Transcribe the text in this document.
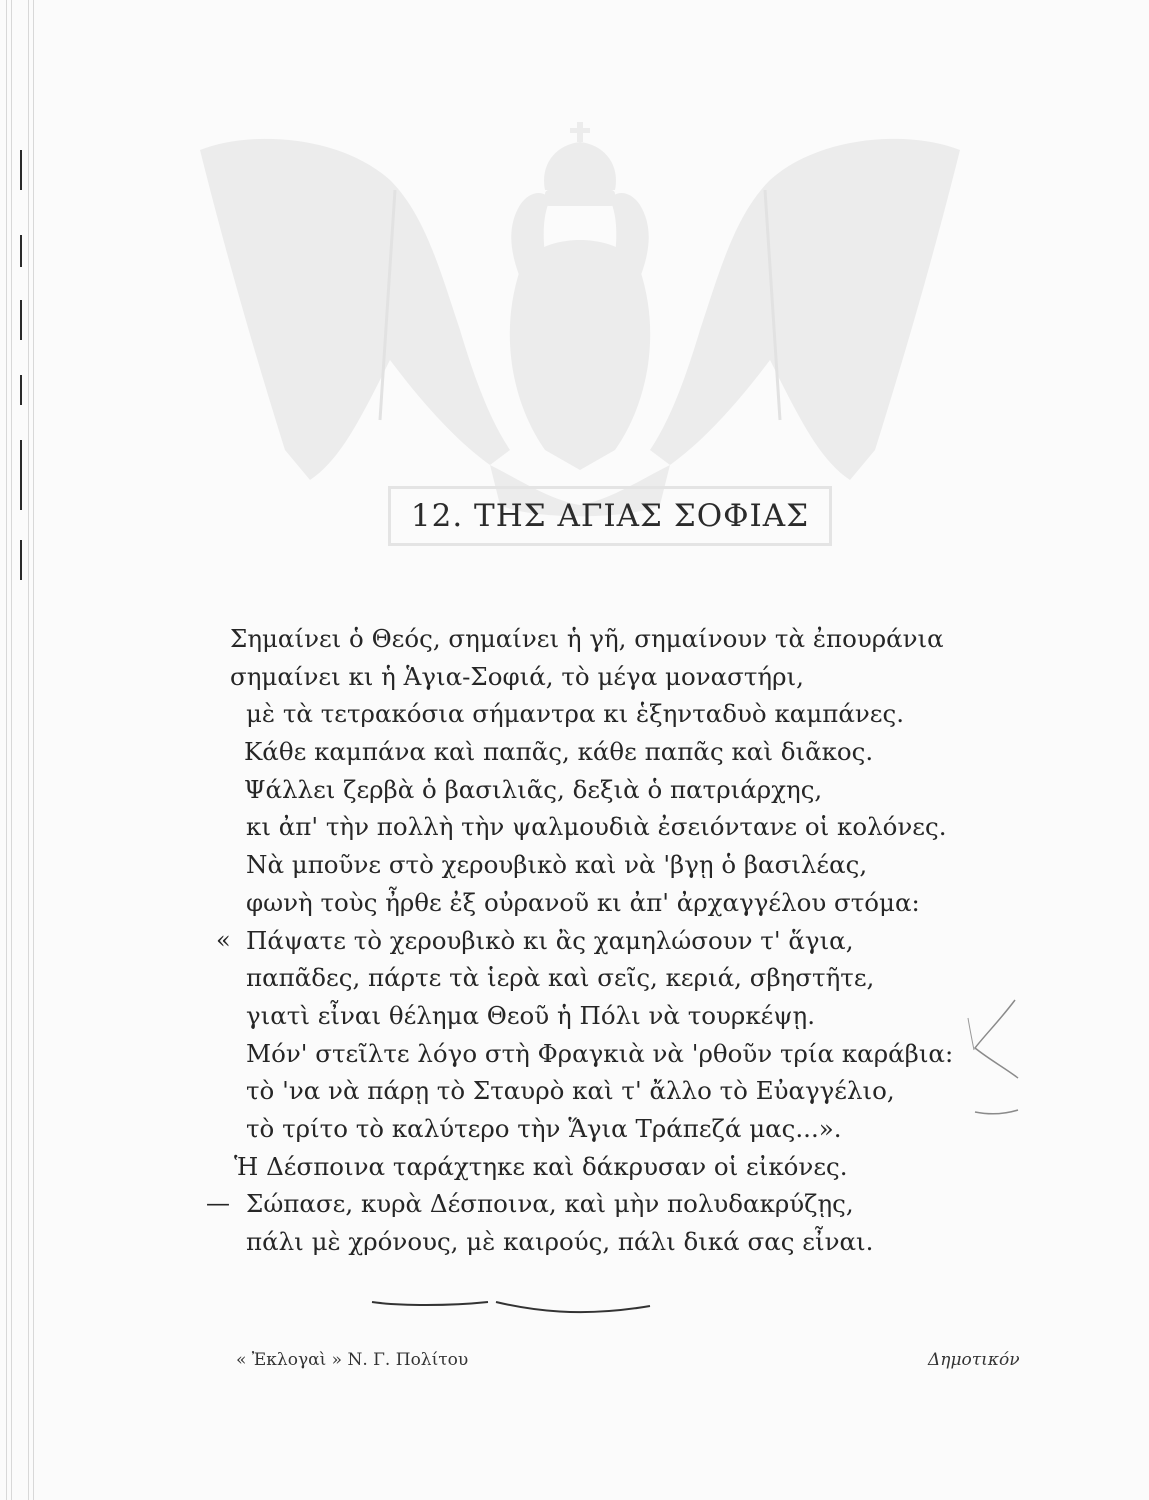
12. ΤΗΣ ΑΓΙΑΣ ΣΟΦΙΑΣ
Σημαίνει ὁ Θεός, σημαίνει ἡ γῆ, σημαίνουν τὰ ἐπουράνια
σημαίνει κι ἡ Ἁγια-Σοφιά, τὸ μέγα μοναστήρι,
μὲ τὰ τετρακόσια σήμαντρα κι ἑξηνταδυὸ καμπάνες.
Κάθε καμπάνα καὶ παπᾶς, κάθε παπᾶς καὶ διᾶκος.
Ψάλλει ζερβὰ ὁ βασιλιᾶς, δεξιὰ ὁ πατριάρχης,
κι ἀπ' τὴν πολλὴ τὴν ψαλμουδιὰ ἐσειόντανε οἱ κολόνες.
Νὰ μποῦνε στὸ χερουβικὸ καὶ νὰ 'βγῃ ὁ βασιλέας,
φωνὴ τοὺς ἦρθε ἐξ οὐρανοῦ κι ἀπ' ἀρχαγγέλου στόμα:
« Πάψατε τὸ χερουβικὸ κι ἂς χαμηλώσουν τ' ἅγια,
παπᾶδες, πάρτε τὰ ἱερὰ καὶ σεῖς, κεριά, σβηστῆτε,
γιατὶ εἶναι θέλημα Θεοῦ ἡ Πόλι νὰ τουρκέψῃ.
Μόν' στεῖλτε λόγο στὴ Φραγκιὰ νὰ 'ρθοῦν τρία καράβια:
τὸ 'να νὰ πάρῃ τὸ Σταυρὸ καὶ τ' ἄλλο τὸ Εὐαγγέλιο,
τὸ τρίτο τὸ καλύτερο τὴν Ἅγια Τράπεζά μας...».
Ἡ Δέσποινα ταράχτηκε καὶ δάκρυσαν οἱ εἰκόνες.
— Σώπασε, κυρὰ Δέσποινα, καὶ μὴν πολυδακρύζῃς,
πάλι μὲ χρόνους, μὲ καιρούς, πάλι δικά σας εἶναι.
« Ἐκλογαὶ » Ν. Γ. Πολίτου	Δημοτικόν
